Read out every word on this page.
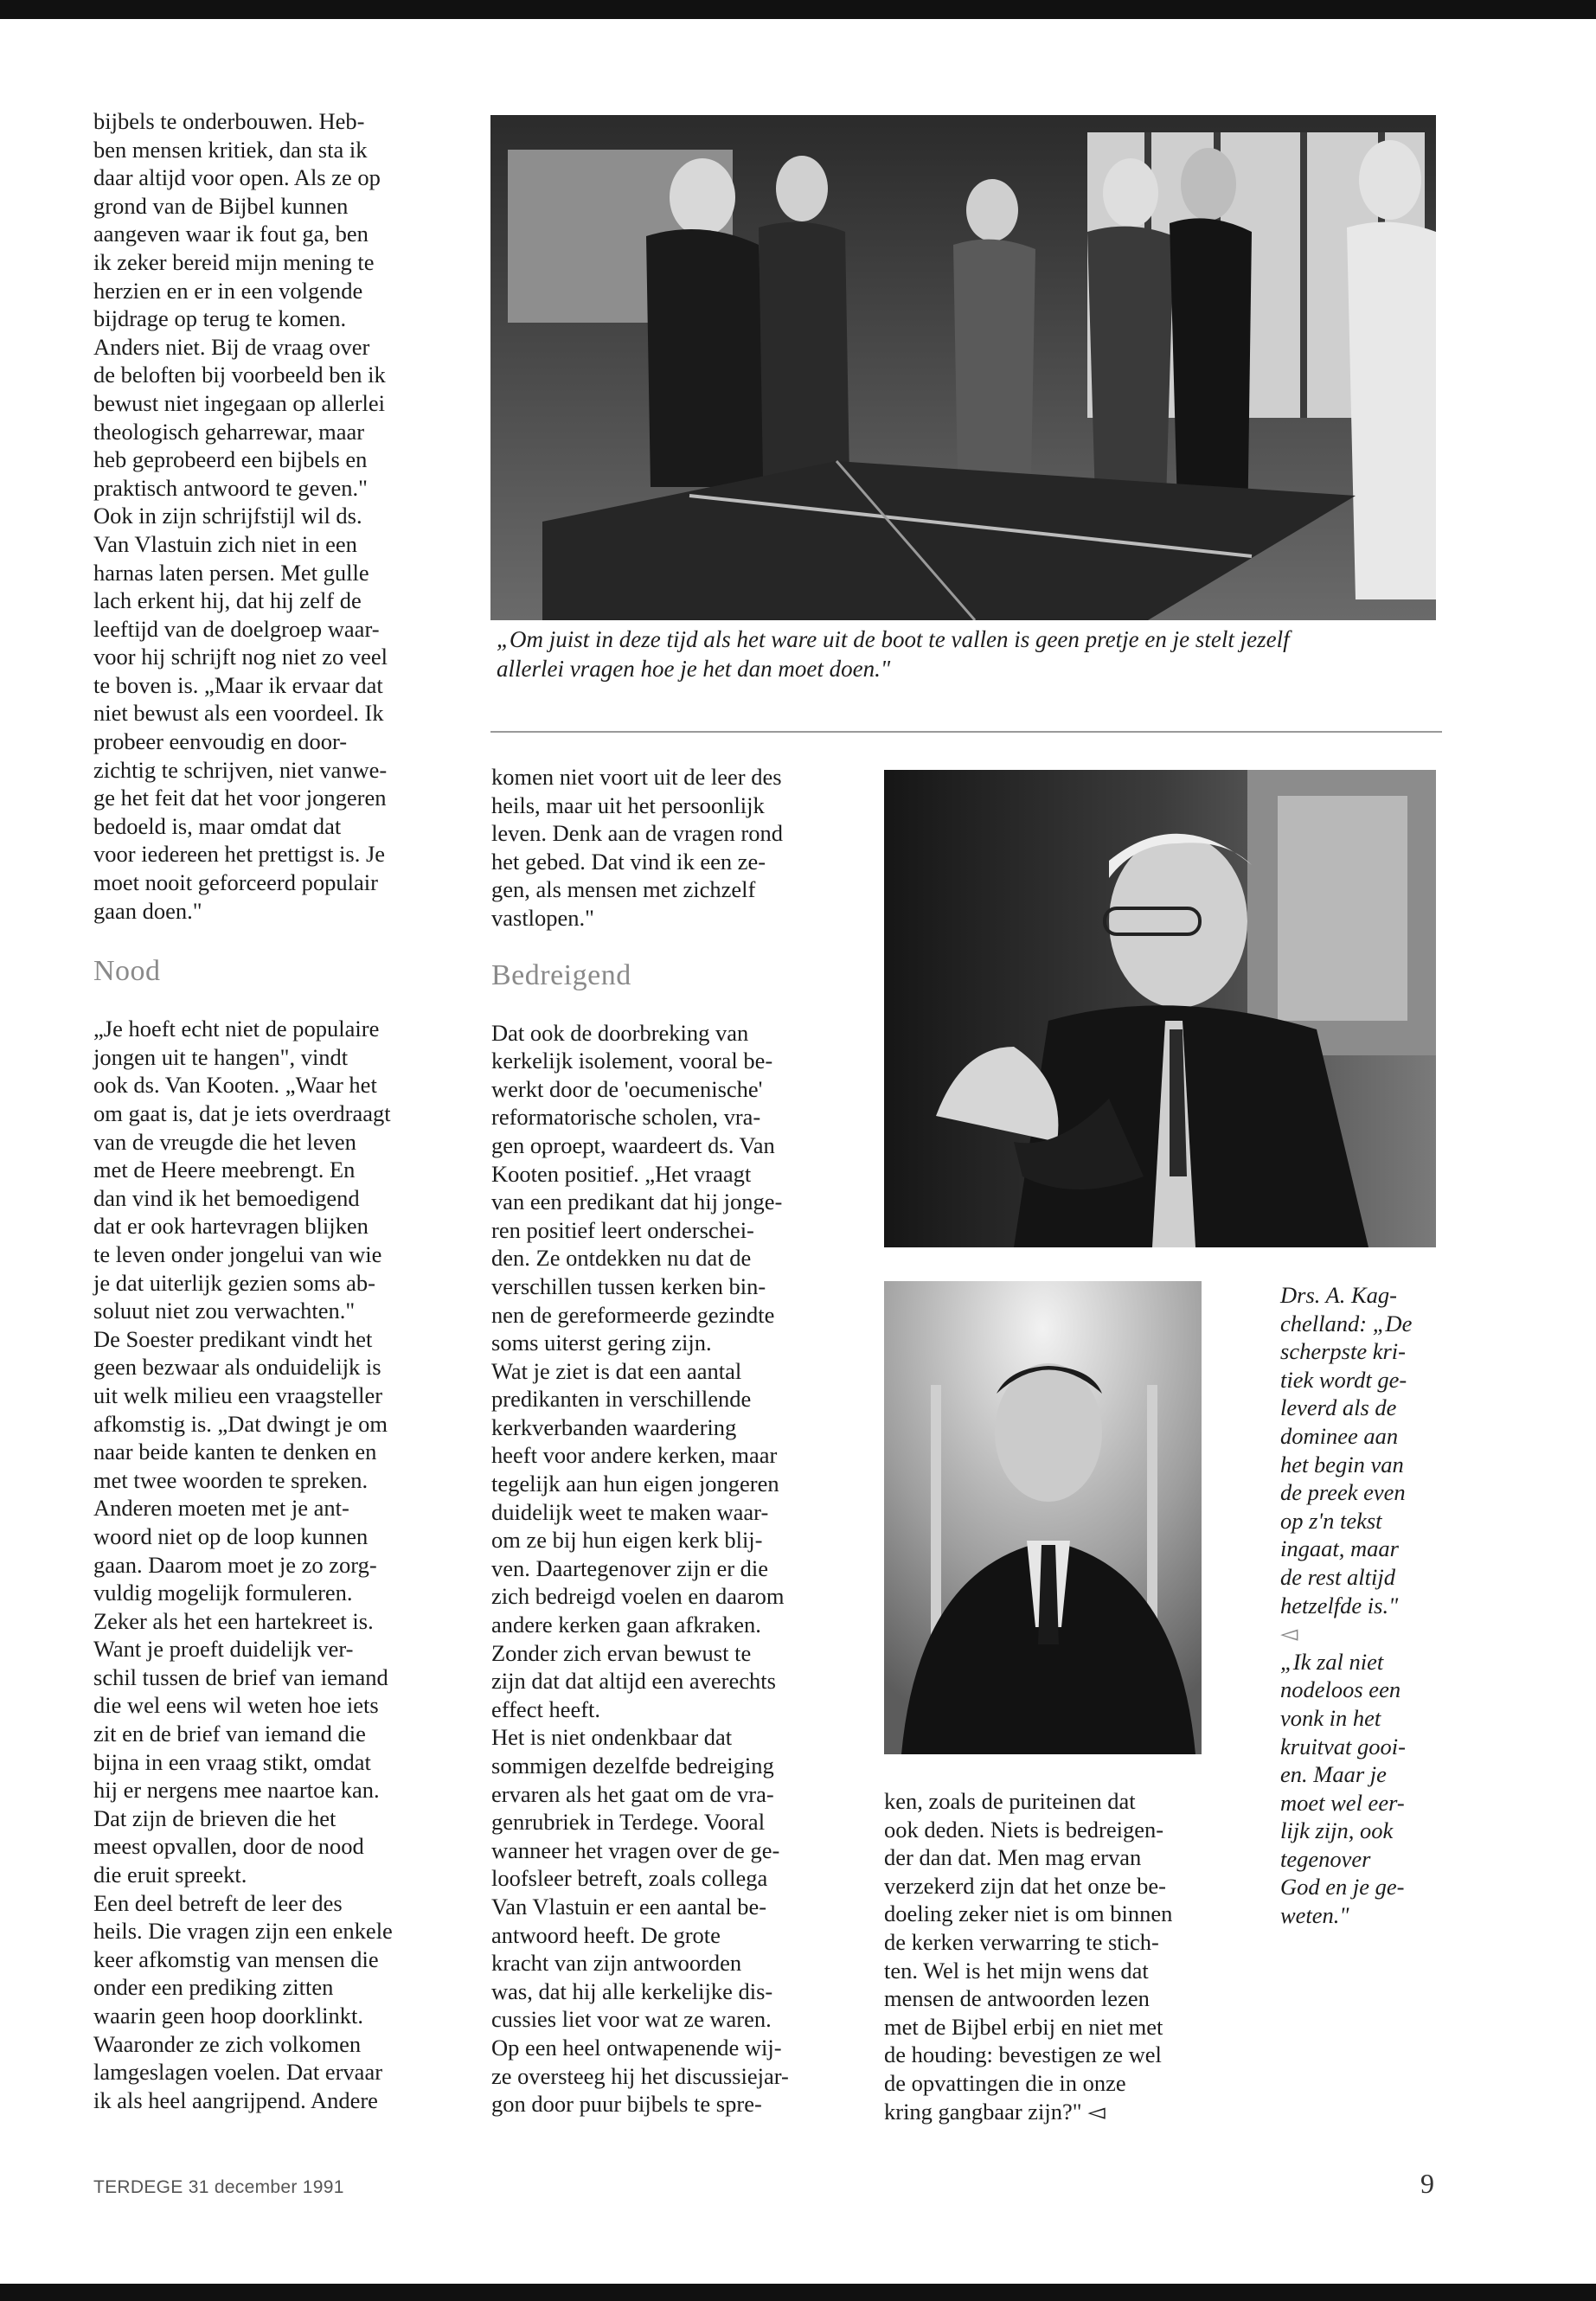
bijbels te onderbouwen. Heb-
ben mensen kritiek, dan sta ik
daar altijd voor open. Als ze op
grond van de Bijbel kunnen
aangeven waar ik fout ga, ben
ik zeker bereid mijn mening te
herzien en er in een volgende
bijdrage op terug te komen.
Anders niet. Bij de vraag over
de beloften bij voorbeeld ben ik
bewust niet ingegaan op allerlei
theologisch geharrewar, maar
heb geprobeerd een bijbels en
praktisch antwoord te geven."
Ook in zijn schrijfstijl wil ds.
Van Vlastuin zich niet in een
harnas laten persen. Met gulle
lach erkent hij, dat hij zelf de
leeftijd van de doelgroep waar-
voor hij schrijft nog niet zo veel
te boven is. „Maar ik ervaar dat
niet bewust als een voordeel. Ik
probeer eenvoudig en door-
zichtig te schrijven, niet vanwe-
ge het feit dat het voor jongeren
bedoeld is, maar omdat dat
voor iedereen het prettigst is. Je
moet nooit geforceerd populair
gaan doen."

Nood

„Je hoeft echt niet de populaire
jongen uit te hangen", vindt
ook ds. Van Kooten. „Waar het
om gaat is, dat je iets overdraagt
van de vreugde die het leven
met de Heere meebrengt. En
dan vind ik het bemoedigend
dat er ook hartevragen blijken
te leven onder jongelui van wie
je dat uiterlijk gezien soms ab-
soluut niet zou verwachten."
De Soester predikant vindt het
geen bezwaar als onduidelijk is
uit welk milieu een vraagsteller
afkomstig is. „Dat dwingt je om
naar beide kanten te denken en
met twee woorden te spreken.
Anderen moeten met je ant-
woord niet op de loop kunnen
gaan. Daarom moet je zo zorg-
vuldig mogelijk formuleren.
Zeker als het een hartekreet is.
Want je proeft duidelijk ver-
schil tussen de brief van iemand
die wel eens wil weten hoe iets
zit en de brief van iemand die
bijna in een vraag stikt, omdat
hij er nergens mee naartoe kan.
Dat zijn de brieven die het
meest opvallen, door de nood
die eruit spreekt.
Een deel betreft de leer des
heils. Die vragen zijn een enkele
keer afkomstig van mensen die
onder een prediking zitten
waarin geen hoop doorklinkt.
Waaronder ze zich volkomen
lamgeslagen voelen. Dat ervaar
ik als heel aangrijpend. Andere

„Om juist in deze tijd als het ware uit de boot te vallen is geen pretje en je stelt jezelf
allerlei vragen hoe je het dan moet doen."

komen niet voort uit de leer des
heils, maar uit het persoonlijk
leven. Denk aan de vragen rond
het gebed. Dat vind ik een ze-
gen, als mensen met zichzelf
vastlopen."

Bedreigend

Dat ook de doorbreking van
kerkelijk isolement, vooral be-
werkt door de 'oecumenische'
reformatorische scholen, vra-
gen oproept, waardeert ds. Van
Kooten positief. „Het vraagt
van een predikant dat hij jonge-
ren positief leert onderschei-
den. Ze ontdekken nu dat de
verschillen tussen kerken bin-
nen de gereformeerde gezindte
soms uiterst gering zijn.
Wat je ziet is dat een aantal
predikanten in verschillende
kerkverbanden waardering
heeft voor andere kerken, maar
tegelijk aan hun eigen jongeren
duidelijk weet te maken waar-
om ze bij hun eigen kerk blij-
ven. Daartegenover zijn er die
zich bedreigd voelen en daarom
andere kerken gaan afkraken.
Zonder zich ervan bewust te
zijn dat dat altijd een averechts
effect heeft.
Het is niet ondenkbaar dat
sommigen dezelfde bedreiging
ervaren als het gaat om de vra-
genrubriek in Terdege. Vooral
wanneer het vragen over de ge-
loofsleer betreft, zoals collega
Van Vlastuin er een aantal be-
antwoord heeft. De grote
kracht van zijn antwoorden
was, dat hij alle kerkelijke dis-
cussies liet voor wat ze waren.
Op een heel ontwapenende wij-
ze oversteeg hij het discussiejar-
gon door puur bijbels te spre-

ken, zoals de puriteinen dat
ook deden. Niets is bedreigen-
der dan dat. Men mag ervan
verzekerd zijn dat het onze be-
doeling zeker niet is om binnen
de kerken verwarring te stich-
ten. Wel is het mijn wens dat
mensen de antwoorden lezen
met de Bijbel erbij en niet met
de houding: bevestigen ze wel
de opvattingen die in onze
kring gangbaar zijn?" ◅

Drs. A. Kag-
chelland: „De
scherpste kri-
tiek wordt ge-
leverd als de
dominee aan
het begin van
de preek even
op z'n tekst
ingaat, maar
de rest altijd
hetzelfde is."

◅

„Ik zal niet
nodeloos een
vonk in het
kruitvat gooi-
en. Maar je
moet wel eer-
lijk zijn, ook
tegenover
God en je ge-
weten."

TERDEGE 31 december 1991	9
